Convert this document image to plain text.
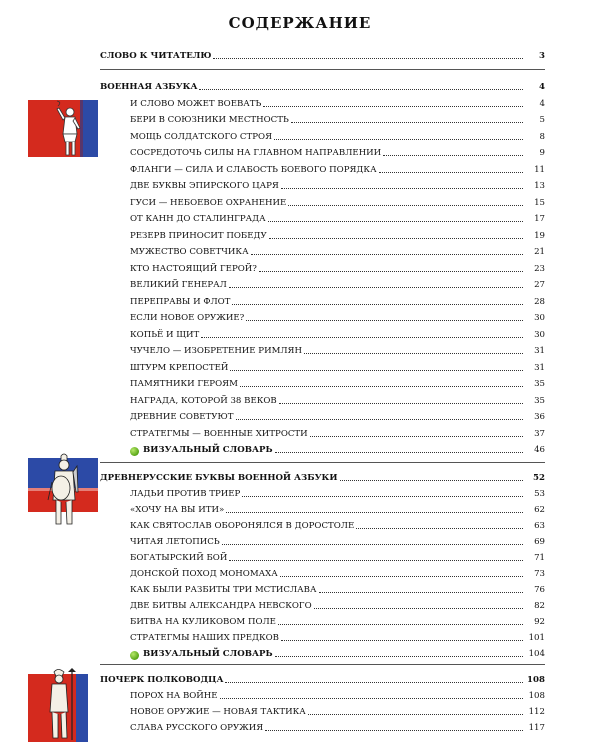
СОДЕРЖАНИЕ
СЛОВО К ЧИТАТЕЛЮ	3
ВОЕННАЯ АЗБУКА	4
И СЛОВО МОЖЕТ ВОЕВАТЬ	4
БЕРИ В СОЮЗНИКИ МЕСТНОСТЬ	5
МОЩЬ СОЛДАТСКОГО СТРОЯ	8
СОСРЕДОТОЧЬ СИЛЫ НА ГЛАВНОМ НАПРАВЛЕНИИ	9
ФЛАНГИ — СИЛА И СЛАБОСТЬ БОЕВОГО ПОРЯДКА	11
ДВЕ БУКВЫ ЭПИРСКОГО ЦАРЯ	13
ГУСИ — НЕБОЕВОЕ ОХРАНЕНИЕ	15
ОТ КАНН ДО СТАЛИНГРАДА	17
РЕЗЕРВ ПРИНОСИТ ПОБЕДУ	19
МУЖЕСТВО СОВЕТЧИКА	21
КТО НАСТОЯЩИЙ ГЕРОЙ?	23
ВЕЛИКИЙ ГЕНЕРАЛ	27
ПЕРЕПРАВЫ И ФЛОТ	28
ЕСЛИ НОВОЕ ОРУЖИЕ?	30
КОПЬЁ И ЩИТ	30
ЧУЧЕЛО — ИЗОБРЕТЕНИЕ РИМЛЯН	31
ШТУРМ КРЕПОСТЕЙ	31
ПАМЯТНИКИ ГЕРОЯМ	35
НАГРАДА, КОТОРОЙ 38 ВЕКОВ	35
ДРЕВНИЕ СОВЕТУЮТ	36
СТРАТЕГМЫ — ВОЕННЫЕ ХИТРОСТИ	37
ВИЗУАЛЬНЫЙ СЛОВАРЬ	46
ДРЕВНЕРУССКИЕ БУКВЫ ВОЕННОЙ АЗБУКИ	52
ЛАДЬИ ПРОТИВ ТРИЕР	53
«ХОЧУ НА ВЫ ИТИ»	62
КАК СВЯТОСЛАВ ОБОРОНЯЛСЯ В ДОРОСТОЛЕ	63
ЧИТАЯ ЛЕТОПИСЬ	69
БОГАТЫРСКИЙ БОЙ	71
ДОНСКОЙ ПОХОД МОНОМАХА	73
КАК БЫЛИ РАЗБИТЫ ТРИ МСТИСЛАВА	76
ДВЕ БИТВЫ АЛЕКСАНДРА НЕВСКОГО	82
БИТВА НА КУЛИКОВОМ ПОЛЕ	92
СТРАТЕГМЫ НАШИХ ПРЕДКОВ	101
ВИЗУАЛЬНЫЙ СЛОВАРЬ	104
ПОЧЕРК ПОЛКОВОДЦА	108
ПОРОХ НА ВОЙНЕ	108
НОВОЕ ОРУЖИЕ — НОВАЯ ТАКТИКА	112
СЛАВА РУССКОГО ОРУЖИЯ	117
